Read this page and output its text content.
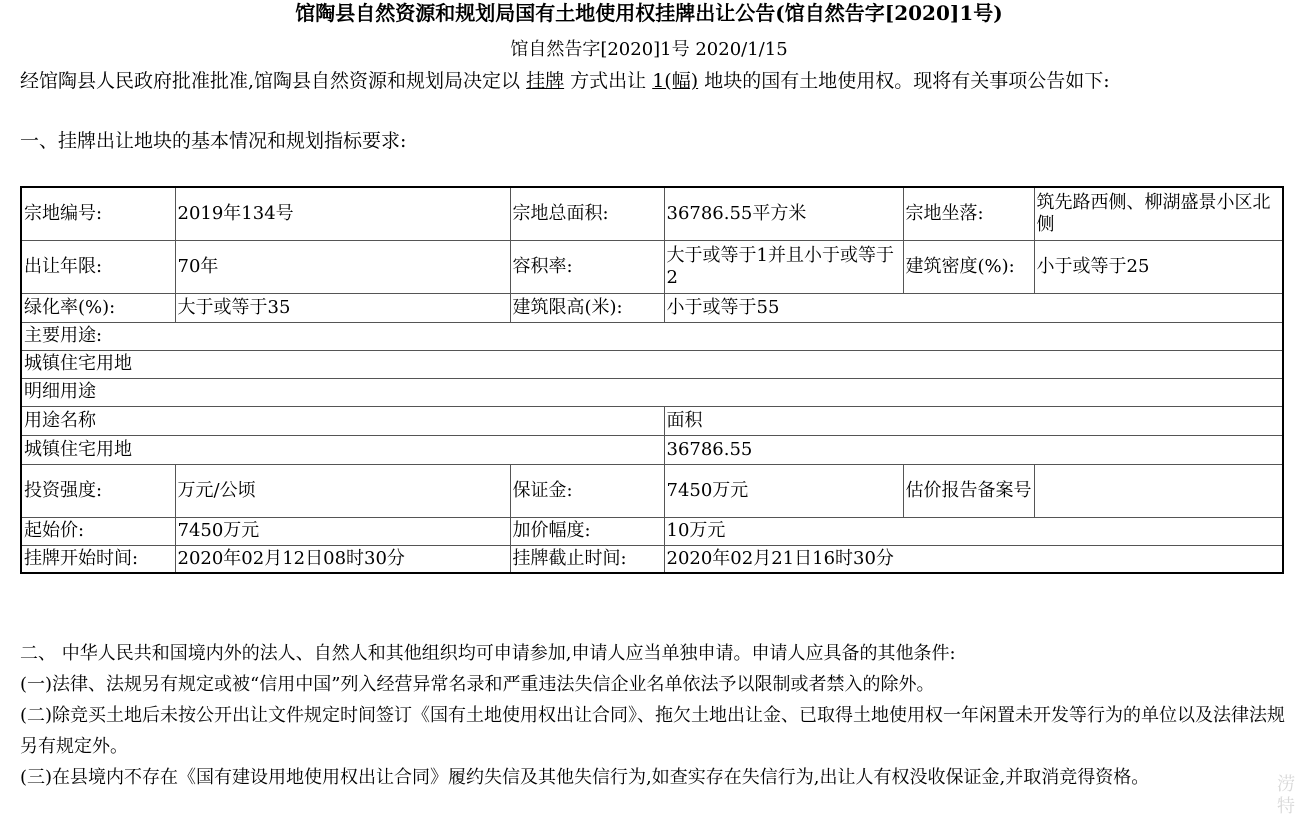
馆陶县自然资源和规划局国有土地使用权挂牌出让公告(馆自然告字[2020]1号)
馆自然告字[2020]1号 2020/1/15
经馆陶县人民政府批准批准,馆陶县自然资源和规划局决定以 挂牌 方式出让 1(幅) 地块的国有土地使用权。现将有关事项公告如下:
一、挂牌出让地块的基本情况和规划指标要求:
宗地编号:	2019年134号	宗地总面积:	36786.55平方米	宗地坐落:	筑先路西侧、柳湖盛景小区北侧
出让年限:	70年	容积率:	大于或等于1并且小于或等于2	建筑密度(%):	小于或等于25
绿化率(%):	大于或等于35	建筑限高(米):	小于或等于55		
主要用途:					
城镇住宅用地					
明细用途					
用途名称			面积		
城镇住宅用地			36786.55		
投资强度:	万元/公顷	保证金:	7450万元	估价报告备案号	
起始价:	7450万元	加价幅度:	10万元		
挂牌开始时间:	2020年02月12日08时30分	挂牌截止时间:	2020年02月21日16时30分		

二、 中华人民共和国境内外的法人、自然人和其他组织均可申请参加,申请人应当单独申请。申请人应具备的其他条件:

(一)法律、法规另有规定或被“信用中国”列入经营异常名录和严重违法失信企业名单依法予以限制或者禁入的除外。

(二)除竞买土地后未按公开出让文件规定时间签订《国有土地使用权出让合同》、拖欠土地出让金、已取得土地使用权一年闲置未开发等行为的单位以及法律法规另有规定外。

(三)在县境内不存在《国有建设用地使用权出让合同》履约失信及其他失信行为,如查实存在失信行为,出让人有权没收保证金,并取消竞得资格。	涝特
